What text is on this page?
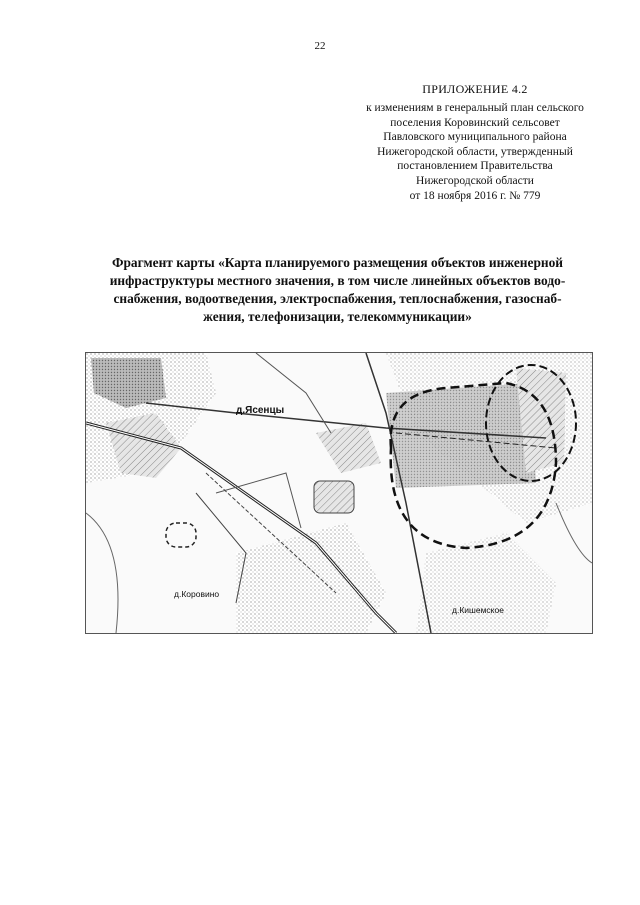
22
ПРИЛОЖЕНИЕ 4.2
к изменениям в генеральный план сельского
поселения Коровинский сельсовет
Павловского муниципального района
Нижегородской области, утвержденный
постановлением Правительства
Нижегородской области
от 18 ноября 2016 г. № 779
Фрагмент карты «Карта планируемого размещения объектов инженерной
инфраструктуры местного значения, в том числе линейных объектов водо-
снабжения, водоотведения, электроспабжения, теплоснабжения, газоснаб-
жения, телефонизации, телекоммуникации»
д.Ясенцы
д.Коровино
д.Кишемское
